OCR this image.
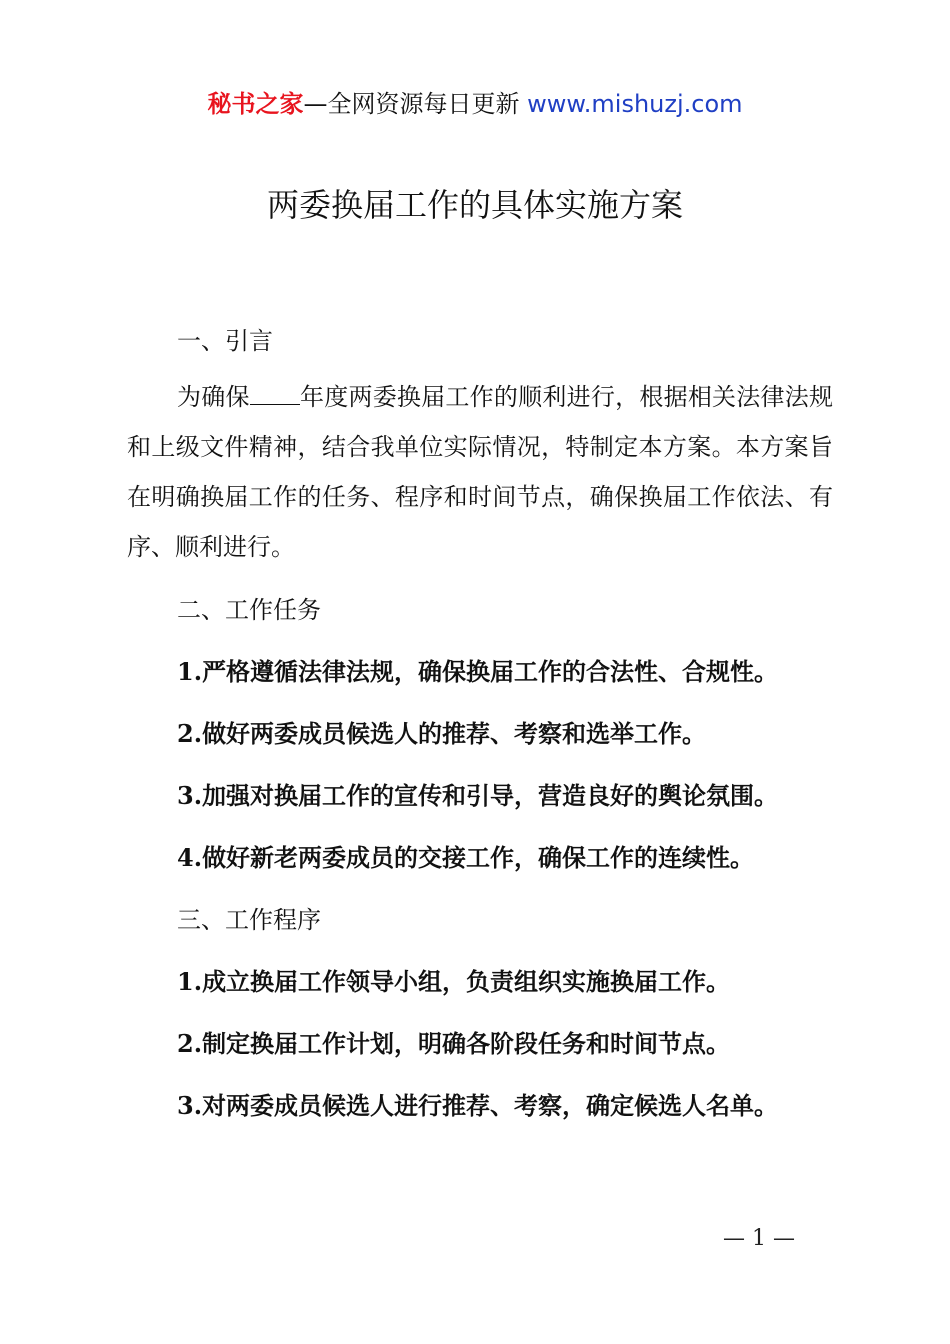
秘书之家—全网资源每日更新 www.mishuzj.com
两委换届工作的具体实施方案
一、引言

为确保 年度两委换届工作的顺利进行，根据相关法律法规和上级文件精神，结合我单位实际情况，特制定本方案。本方案旨在明确换届工作的任务、程序和时间节点，确保换届工作依法、有序、顺利进行。

二、工作任务
1.严格遵循法律法规，确保换届工作的合法性、合规性。
2.做好两委成员候选人的推荐、考察和选举工作。
3.加强对换届工作的宣传和引导，营造良好的舆论氛围。
4.做好新老两委成员的交接工作，确保工作的连续性。
三、工作程序
1.成立换届工作领导小组，负责组织实施换届工作。
2.制定换届工作计划，明确各阶段任务和时间节点。
3.对两委成员候选人进行推荐、考察，确定候选人名单。
— 1 —
